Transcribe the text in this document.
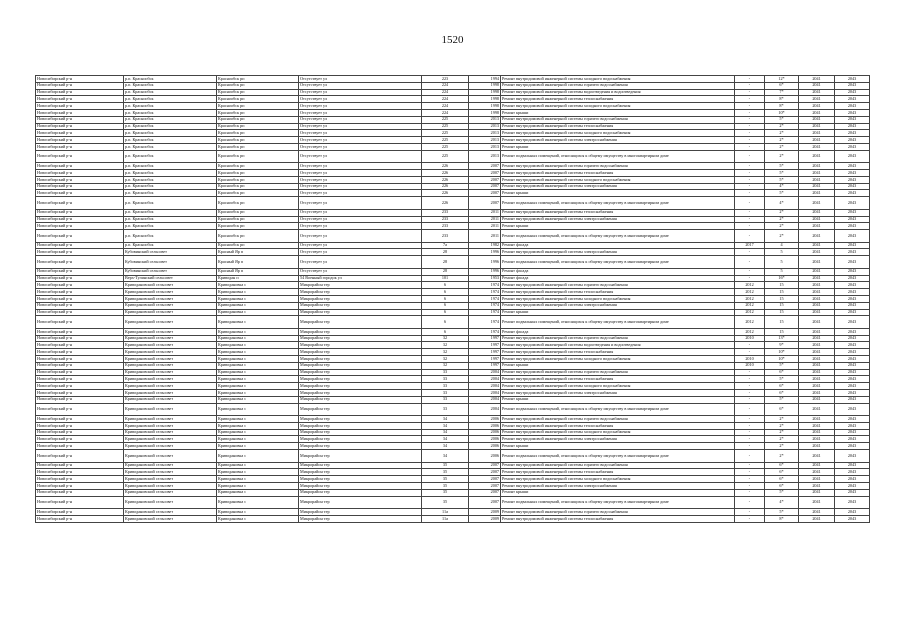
1520
Новосибирский р-н	р.п. Краснообск	Краснообск рп	Отсутствует ул	223	1994	Ремонт внутридомовой инженерной системы холодного водоснабжения	-	12*	2041	2043
Новосибирский р-н	р.п. Краснообск	Краснообск рп	Отсутствует ул	224	1998	Ремонт внутридомовой инженерной системы горячего водоснабжения	-	6*	2041	2043
Новосибирский р-н	р.п. Краснообск	Краснообск рп	Отсутствует ул	224	1998	Ремонт внутридомовой инженерной системы водоотведения и водоотведения	-	7*	2041	2043
Новосибирский р-н	р.п. Краснообск	Краснообск рп	Отсутствует ул	224	1998	Ремонт внутридомовой инженерной системы теплоснабжения	-	8*	2041	2043
Новосибирский р-н	р.п. Краснообск	Краснообск рп	Отсутствует ул	224	1998	Ремонт внутридомовой инженерной системы холодного водоснабжения	-	8*	2041	2043
Новосибирский р-н	р.п. Краснообск	Краснообск рп	Отсутствует ул	224	1998	Ремонт крыши	-	10*	2041	2043
Новосибирский р-н	р.п. Краснообск	Краснообск рп	Отсутствует ул	225	2013	Ремонт внутридомовой инженерной системы горячего водоснабжения	-	5*	2041	2043
Новосибирский р-н	р.п. Краснообск	Краснообск рп	Отсутствует ул	225	2013	Ремонт внутридомовой инженерной системы теплоснабжения	-	2*	2041	2043
Новосибирский р-н	р.п. Краснообск	Краснообск рп	Отсутствует ул	225	2013	Ремонт внутридомовой инженерной системы холодного водоснабжения	-	2*	2041	2043
Новосибирский р-н	р.п. Краснообск	Краснообск рп	Отсутствует ул	225	2013	Ремонт внутридомовой инженерной системы электроснабжения	-	2*	2041	2043
Новосибирский р-н	р.п. Краснообск	Краснообск рп	Отсутствует ул	225	2013	Ремонт крыши	-	2*	2041	2043
Новосибирский р-н	р.п. Краснообск	Краснообск рп	Отсутствует ул	225	2013	Ремонт подвальных помещений, относящихся к общему имуществу в многоквартирном доме	-	2*	2041	2043
Новосибирский р-н	р.п. Краснообск	Краснообск рп	Отсутствует ул	226	2007	Ремонт внутридомовой инженерной системы горячего водоснабжения	-	5*	2041	2043
Новосибирский р-н	р.п. Краснообск	Краснообск рп	Отсутствует ул	226	2007	Ремонт внутридомовой инженерной системы теплоснабжения	-	5*	2041	2043
Новосибирский р-н	р.п. Краснообск	Краснообск рп	Отсутствует ул	226	2007	Ремонт внутридомовой инженерной системы холодного водоснабжения	-	5*	2041	2043
Новосибирский р-н	р.п. Краснообск	Краснообск рп	Отсутствует ул	226	2007	Ремонт внутридомовой инженерной системы электроснабжения	-	4*	2041	2043
Новосибирский р-н	р.п. Краснообск	Краснообск рп	Отсутствует ул	226	2007	Ремонт крыши	-	5*	2041	2043
Новосибирский р-н	р.п. Краснообск	Краснообск рп	Отсутствует ул	226	2007	Ремонт подвальных помещений, относящихся к общему имуществу в многоквартирном доме	-	4*	2041	2043
Новосибирский р-н	р.п. Краснообск	Краснообск рп	Отсутствует ул	233	2011	Ремонт внутридомовой инженерной системы теплоснабжения	-	2*	2041	2043
Новосибирский р-н	р.п. Краснообск	Краснообск рп	Отсутствует ул	233	2011	Ремонт внутридомовой инженерной системы электроснабжения	-	2*	2041	2043
Новосибирский р-н	р.п. Краснообск	Краснообск рп	Отсутствует ул	233	2011	Ремонт крыши	-	2*	2041	2043
Новосибирский р-н	р.п. Краснообск	Краснообск рп	Отсутствует ул	233	2011	Ремонт подвальных помещений, относящихся к общему имуществу в многоквартирном доме	-	2*	2041	2043
Новосибирский р-н	р.п. Краснообск	Краснообск рп	Отсутствует ул	7а	1982	Ремонт фасада	2017	4	2041	2043
Новосибирский р-н	Кубовинский сельсовет	Красный Яр п	Отсутствует ул	28	1996	Ремонт внутридомовой инженерной системы электроснабжения	-	5	2041	2043
Новосибирский р-н	Кубовинский сельсовет	Красный Яр п	Отсутствует ул	28	1996	Ремонт подвальных помещений, относящихся к общему имуществу в многоквартирном доме	-	5	2041	2043
Новосибирский р-н	Кубовинский сельсовет	Красный Яр п	Отсутствует ул	28	1996	Ремонт фасада	-	5	2041	2043
Новосибирский р-н	Верх-Тулинский сельсовет	Криводан п	54 Военный городок ул	101	1953	Ремонт фасада	-	16*	2041	2043
Новосибирский р-н	Криводановский сельсовет	Криводановка с	Микрорайон тер	6	1974	Ремонт внутридомовой инженерной системы горячего водоснабжения	2012	15	2041	2043
Новосибирский р-н	Криводановский сельсовет	Криводановка с	Микрорайон тер	6	1974	Ремонт внутридомовой инженерной системы теплоснабжения	2012	15	2041	2043
Новосибирский р-н	Криводановский сельсовет	Криводановка с	Микрорайон тер	6	1974	Ремонт внутридомовой инженерной системы холодного водоснабжения	2012	15	2041	2043
Новосибирский р-н	Криводановский сельсовет	Криводановка с	Микрорайон тер	6	1974	Ремонт внутридомовой инженерной системы электроснабжения	2012	15	2041	2043
Новосибирский р-н	Криводановский сельсовет	Криводановка с	Микрорайон тер	6	1974	Ремонт крыши	2012	15	2041	2043
Новосибирский р-н	Криводановский сельсовет	Криводановка с	Микрорайон тер	6	1974	Ремонт подвальных помещений, относящихся к общему имуществу в многоквартирном доме	2012	15	2041	2043
Новосибирский р-н	Криводановский сельсовет	Криводановка с	Микрорайон тер	6	1974	Ремонт фасада	2012	15	2041	2043
Новосибирский р-н	Криводановский сельсовет	Криводановка с	Микрорайон тер	32	1997	Ремонт внутридомовой инженерной системы горячего водоснабжения	2010	13*	2041	2043
Новосибирский р-н	Криводановский сельсовет	Криводановка с	Микрорайон тер	32	1997	Ремонт внутридомовой инженерной системы водоотведения и водоотведения	-	9*	2041	2043
Новосибирский р-н	Криводановский сельсовет	Криводановка с	Микрорайон тер	32	1997	Ремонт внутридомовой инженерной системы теплоснабжения	-	10*	2041	2043
Новосибирский р-н	Криводановский сельсовет	Криводановка с	Микрорайон тер	32	1997	Ремонт внутридомовой инженерной системы холодного водоснабжения	2010	10*	2041	2043
Новосибирский р-н	Криводановский сельсовет	Криводановка с	Микрорайон тер	32	1997	Ремонт крыши	2010	5*	2041	2043
Новосибирский р-н	Криводановский сельсовет	Криводановка с	Микрорайон тер	33	2004	Ремонт внутридомовой инженерной системы горячего водоснабжения	-	6*	2041	2043
Новосибирский р-н	Криводановский сельсовет	Криводановка с	Микрорайон тер	33	2004	Ремонт внутридомовой инженерной системы теплоснабжения	-	5*	2041	2043
Новосибирский р-н	Криводановский сельсовет	Криводановка с	Микрорайон тер	33	2004	Ремонт внутридомовой инженерной системы холодного водоснабжения	-	6*	2041	2043
Новосибирский р-н	Криводановский сельсовет	Криводановка с	Микрорайон тер	33	2004	Ремонт внутридомовой инженерной системы электроснабжения	-	6*	2041	2043
Новосибирский р-н	Криводановский сельсовет	Криводановка с	Микрорайон тер	33	2004	Ремонт крыши	-	5*	2041	2043
Новосибирский р-н	Криводановский сельсовет	Криводановка с	Микрорайон тер	33	2004	Ремонт подвальных помещений, относящихся к общему имуществу в многоквартирном доме	-	6*	2041	2043
Новосибирский р-н	Криводановский сельсовет	Криводановка с	Микрорайон тер	34	2006	Ремонт внутридомовой инженерной системы горячего водоснабжения	-	2*	2041	2043
Новосибирский р-н	Криводановский сельсовет	Криводановка с	Микрорайон тер	34	2006	Ремонт внутридомовой инженерной системы теплоснабжения	-	2*	2041	2043
Новосибирский р-н	Криводановский сельсовет	Криводановка с	Микрорайон тер	34	2006	Ремонт внутридомовой инженерной системы холодного водоснабжения	-	2*	2041	2043
Новосибирский р-н	Криводановский сельсовет	Криводановка с	Микрорайон тер	34	2006	Ремонт внутридомовой инженерной системы электроснабжения	-	2*	2041	2043
Новосибирский р-н	Криводановский сельсовет	Криводановка с	Микрорайон тер	34	2006	Ремонт крыши	-	2*	2041	2043
Новосибирский р-н	Криводановский сельсовет	Криводановка с	Микрорайон тер	34	2006	Ремонт подвальных помещений, относящихся к общему имуществу в многоквартирном доме	-	2*	2041	2043
Новосибирский р-н	Криводановский сельсовет	Криводановка с	Микрорайон тер	35	2007	Ремонт внутридомовой инженерной системы горячего водоснабжения	-	6*	2041	2043
Новосибирский р-н	Криводановский сельсовет	Криводановка с	Микрорайон тер	35	2007	Ремонт внутридомовой инженерной системы теплоснабжения	-	6*	2041	2043
Новосибирский р-н	Криводановский сельсовет	Криводановка с	Микрорайон тер	35	2007	Ремонт внутридомовой инженерной системы холодного водоснабжения	-	6*	2041	2043
Новосибирский р-н	Криводановский сельсовет	Криводановка с	Микрорайон тер	35	2007	Ремонт внутридомовой инженерной системы электроснабжения	-	6*	2041	2043
Новосибирский р-н	Криводановский сельсовет	Криводановка с	Микрорайон тер	35	2007	Ремонт крыши	-	5*	2041	2043
Новосибирский р-н	Криводановский сельсовет	Криводановка с	Микрорайон тер	35	2007	Ремонт подвальных помещений, относящихся к общему имуществу в многоквартирном доме	-	4*	2041	2043
Новосибирский р-н	Криводановский сельсовет	Криводановка с	Микрорайон тер	11а	2009	Ремонт внутридомовой инженерной системы горячего водоснабжения	-	5*	2041	2043
Новосибирский р-н	Криводановский сельсовет	Криводановка с	Микрорайон тер	11а	2009	Ремонт внутридомовой инженерной системы теплоснабжения	-	8*	2041	2043
